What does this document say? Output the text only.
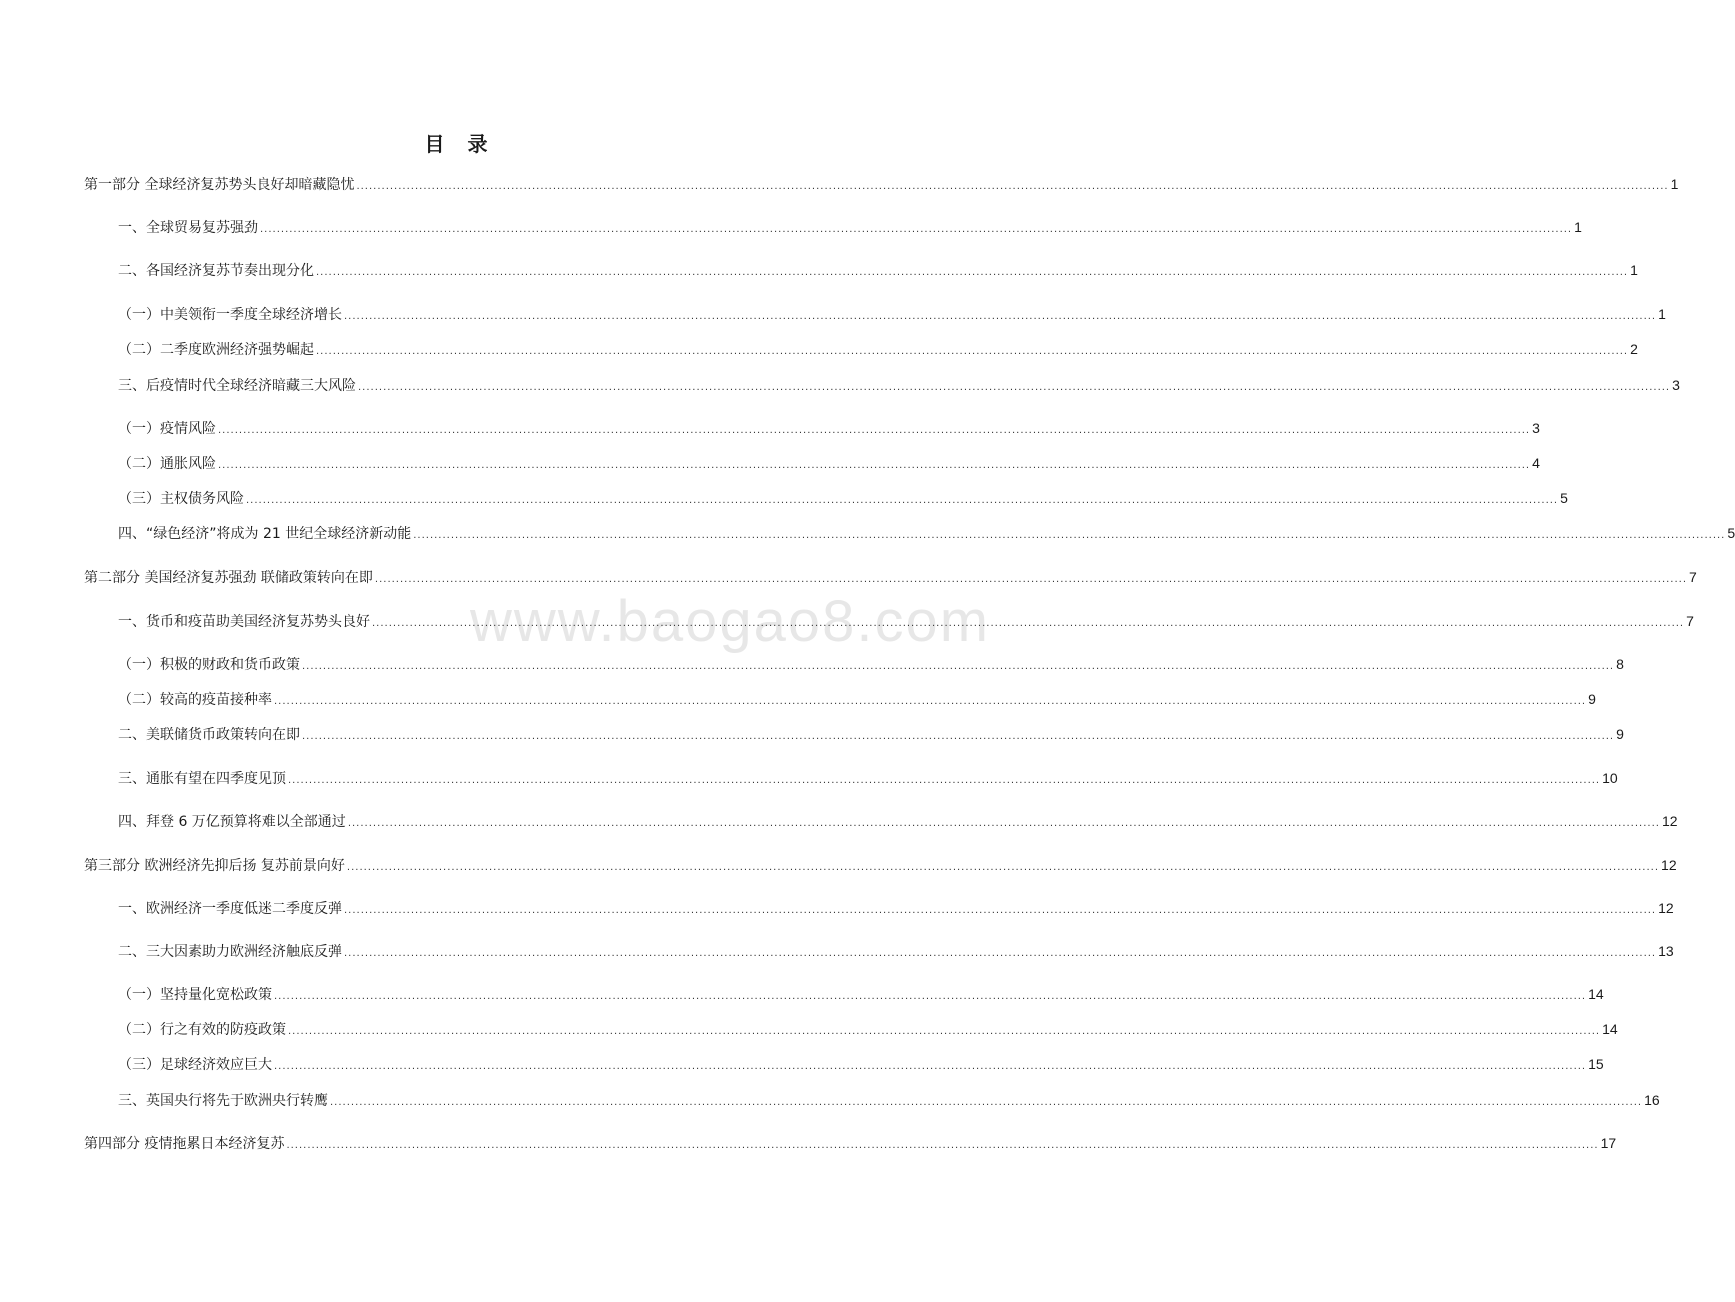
目 录
www.baogao8.com
第一部分 全球经济复苏势头良好却暗藏隐忧 .....	1
一、全球贸易复苏强劲 .....	1
二、各国经济复苏节奏出现分化 .....	1
（一）中美领衔一季度全球经济增长 .....	1
（二）二季度欧洲经济强势崛起 .....	2
三、后疫情时代全球经济暗藏三大风险 .....	3
（一）疫情风险 .....	3
（二）通胀风险 .....	4
（三）主权债务风险 .....	5
四、“绿色经济”将成为 21 世纪全球经济新动能 .....	5
第二部分 美国经济复苏强劲 联储政策转向在即 .....	7
一、货币和疫苗助美国经济复苏势头良好 .....	7
（一）积极的财政和货币政策 .....	8
（二）较高的疫苗接种率 .....	9
二、美联储货币政策转向在即 .....	9
三、通胀有望在四季度见顶 .....	10
四、拜登 6 万亿预算将难以全部通过 .....	12
第三部分 欧洲经济先抑后扬 复苏前景向好 .....	12
一、欧洲经济一季度低迷二季度反弹 .....	12
二、三大因素助力欧洲经济触底反弹 .....	13
（一）坚持量化宽松政策 .....	14
（二）行之有效的防疫政策 .....	14
（三）足球经济效应巨大 .....	15
三、英国央行将先于欧洲央行转鹰 .....	16
第四部分 疫情拖累日本经济复苏 .....	17
